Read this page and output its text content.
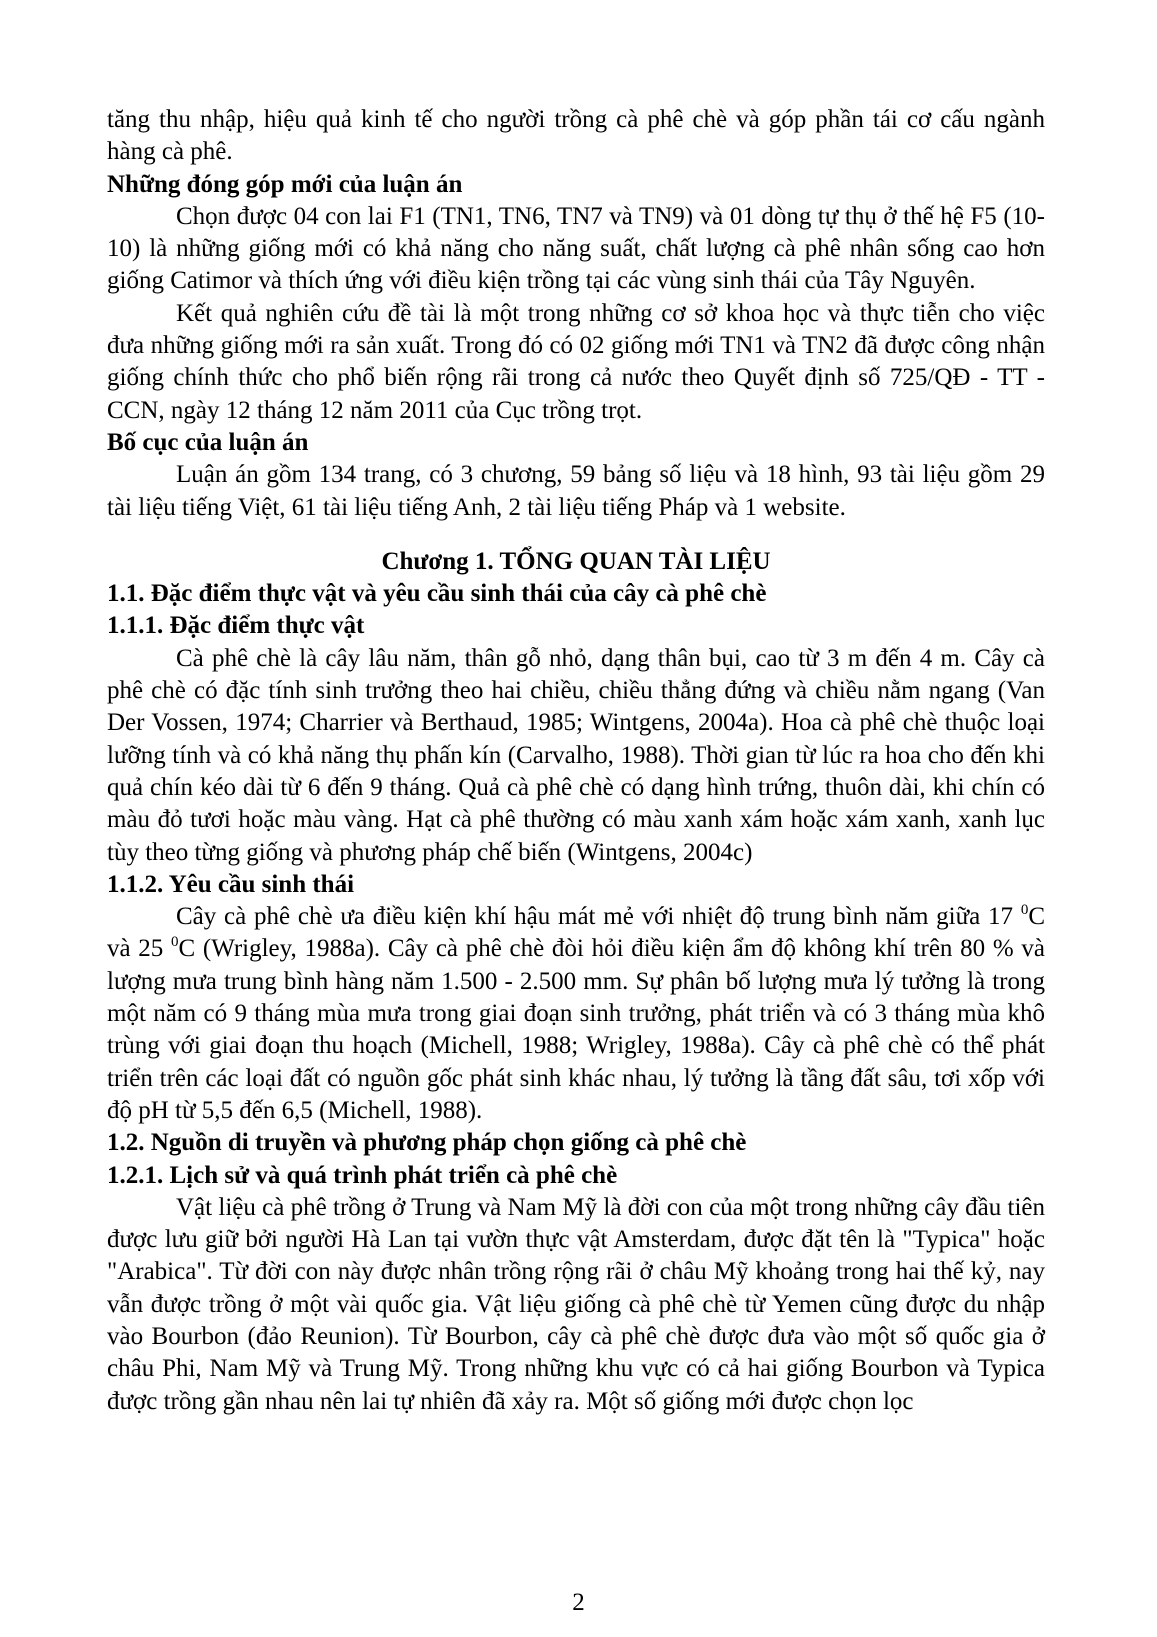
tăng thu nhập, hiệu quả kinh tế cho người trồng cà phê chè và góp phần tái cơ cấu ngành hàng cà phê.

Những đóng góp mới của luận án

Chọn được 04 con lai F1 (TN1, TN6, TN7 và TN9) và 01 dòng tự thụ ở thế hệ F5 (10-10) là những giống mới có khả năng cho năng suất, chất lượng cà phê nhân sống cao hơn giống Catimor và thích ứng với điều kiện trồng tại các vùng sinh thái của Tây Nguyên.

Kết quả nghiên cứu đề tài là một trong những cơ sở khoa học và thực tiễn cho việc đưa những giống mới ra sản xuất. Trong đó có 02 giống mới TN1 và TN2 đã được công nhận giống chính thức cho phổ biến rộng rãi trong cả nước theo Quyết định số 725/QĐ - TT - CCN, ngày 12 tháng 12 năm 2011 của Cục trồng trọt.

Bố cục của luận án

Luận án gồm 134 trang, có 3 chương, 59 bảng số liệu và 18 hình, 93 tài liệu gồm 29 tài liệu tiếng Việt, 61 tài liệu tiếng Anh, 2 tài liệu tiếng Pháp và 1 website.

Chương 1. TỔNG QUAN TÀI LIỆU
1.1. Đặc điểm thực vật và yêu cầu sinh thái của cây cà phê chè
1.1.1. Đặc điểm thực vật

Cà phê chè là cây lâu năm, thân gỗ nhỏ, dạng thân bụi, cao từ 3 m đến 4 m. Cây cà phê chè có đặc tính sinh trưởng theo hai chiều, chiều thẳng đứng và chiều nằm ngang (Van Der Vossen, 1974; Charrier và Berthaud, 1985; Wintgens, 2004a). Hoa cà phê chè thuộc loại lưỡng tính và có khả năng thụ phấn kín (Carvalho, 1988). Thời gian từ lúc ra hoa cho đến khi quả chín kéo dài từ 6 đến 9 tháng. Quả cà phê chè có dạng hình trứng, thuôn dài, khi chín có màu đỏ tươi hoặc màu vàng. Hạt cà phê thường có màu xanh xám hoặc xám xanh, xanh lục tùy theo từng giống và phương pháp chế biến (Wintgens, 2004c)

1.1.2. Yêu cầu sinh thái

Cây cà phê chè ưa điều kiện khí hậu mát mẻ với nhiệt độ trung bình năm giữa 17 $^0$C và 25 $^0$C (Wrigley, 1988a). Cây cà phê chè đòi hỏi điều kiện ẩm độ không khí trên 80 % và lượng mưa trung bình hàng năm 1.500 - 2.500 mm. Sự phân bố lượng mưa lý tưởng là trong một năm có 9 tháng mùa mưa trong giai đoạn sinh trưởng, phát triển và có 3 tháng mùa khô trùng với giai đoạn thu hoạch (Michell, 1988; Wrigley, 1988a). Cây cà phê chè có thể phát triển trên các loại đất có nguồn gốc phát sinh khác nhau, lý tưởng là tầng đất sâu, tơi xốp với độ pH từ 5,5 đến 6,5 (Michell, 1988).

1.2. Nguồn di truyền và phương pháp chọn giống cà phê chè
1.2.1. Lịch sử và quá trình phát triển cà phê chè

Vật liệu cà phê trồng ở Trung và Nam Mỹ là đời con của một trong những cây đầu tiên được lưu giữ bởi người Hà Lan tại vườn thực vật Amsterdam, được đặt tên là "Typica" hoặc "Arabica". Từ đời con này được nhân trồng rộng rãi ở châu Mỹ khoảng trong hai thế kỷ, nay vẫn được trồng ở một vài quốc gia. Vật liệu giống cà phê chè từ Yemen cũng được du nhập vào Bourbon (đảo Reunion). Từ Bourbon, cây cà phê chè được đưa vào một số quốc gia ở châu Phi, Nam Mỹ và Trung Mỹ. Trong những khu vực có cả hai giống Bourbon và Typica được trồng gần nhau nên lai tự nhiên đã xảy ra. Một số giống mới được chọn lọc

2
